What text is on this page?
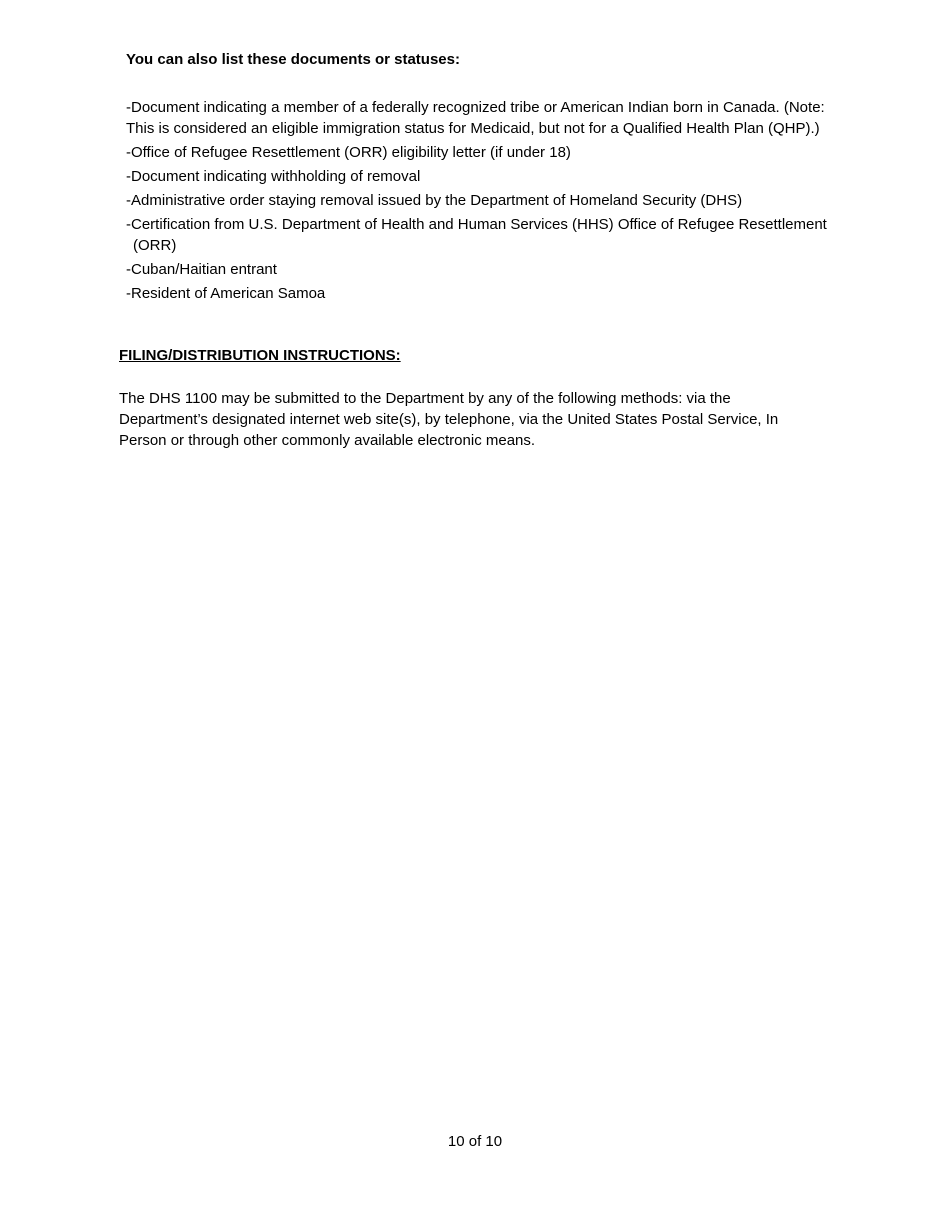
You can also list these documents or statuses:
-Document indicating a member of a federally recognized tribe or American Indian born in Canada. (Note: This is considered an eligible immigration status for Medicaid, but not for a Qualified Health Plan (QHP).)
-Office of Refugee Resettlement (ORR) eligibility letter (if under 18)
-Document indicating withholding of removal
-Administrative order staying removal issued by the Department of Homeland Security (DHS)
-Certification from U.S. Department of Health and Human Services (HHS) Office of Refugee Resettlement (ORR)
-Cuban/Haitian entrant
-Resident of American Samoa
FILING/DISTRIBUTION INSTRUCTIONS:

The DHS 1100 may be submitted to the Department by any of the following methods: via the Department’s designated internet web site(s), by telephone, via the United States Postal Service, In Person or through other commonly available electronic means.

10 of 10
